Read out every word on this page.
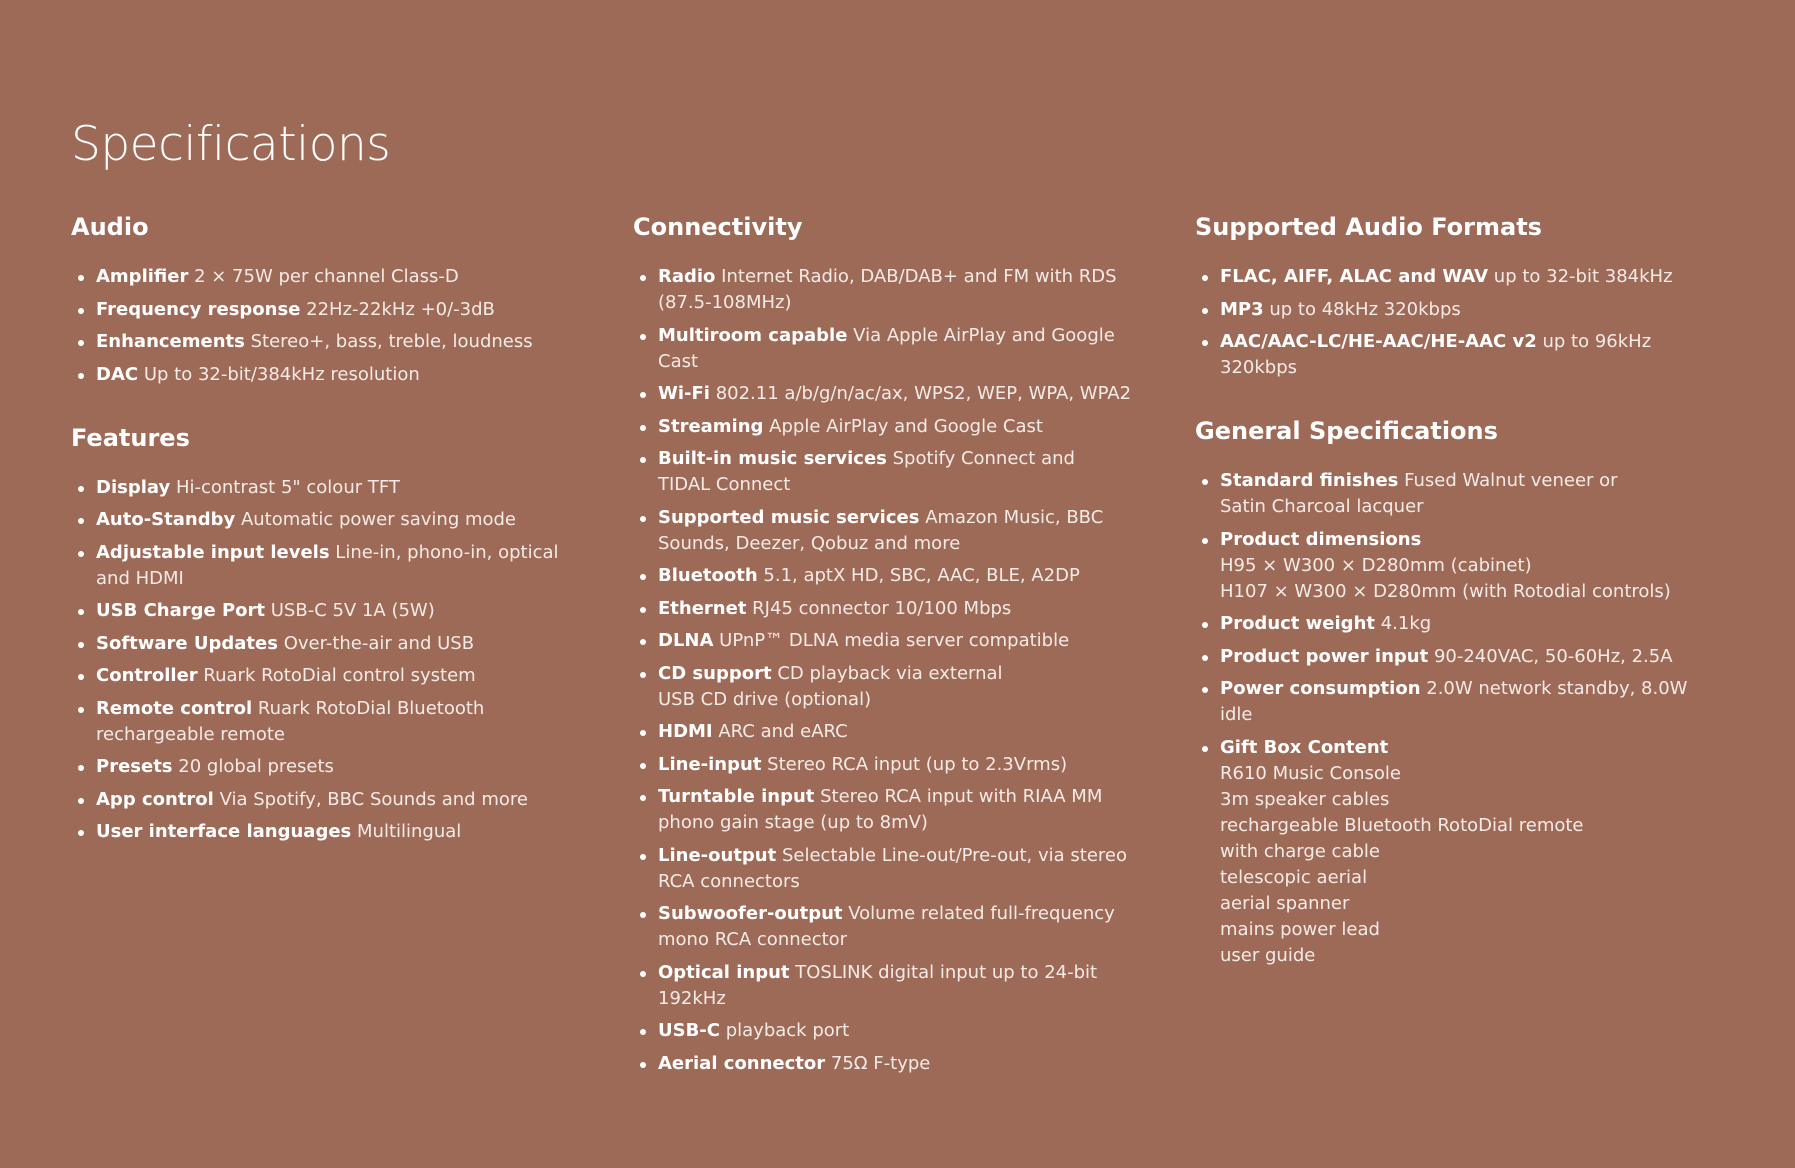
Specifications
Audio
Amplifier 2 × 75W per channel Class-D
Frequency response 22Hz-22kHz +0/-3dB
Enhancements Stereo+, bass, treble, loudness
DAC Up to 32-bit/384kHz resolution
Features
Display Hi-contrast 5" colour TFT
Auto-Standby Automatic power saving mode
Adjustable input levels Line-in, phono-in, optical and HDMI
USB Charge Port USB-C 5V 1A (5W)
Software Updates Over-the-air and USB
Controller Ruark RotoDial control system
Remote control Ruark RotoDial Bluetooth rechargeable remote
Presets 20 global presets
App control Via Spotify, BBC Sounds and more
User interface languages Multilingual
Connectivity
Radio Internet Radio, DAB/DAB+ and FM with RDS (87.5-108MHz)
Multiroom capable Via Apple AirPlay and Google Cast
Wi-Fi 802.11 a/b/g/n/ac/ax, WPS2, WEP, WPA, WPA2
Streaming Apple AirPlay and Google Cast
Built-in music services Spotify Connect and
TIDAL Connect
Supported music services Amazon Music, BBC Sounds, Deezer, Qobuz and more
Bluetooth 5.1, aptX HD, SBC, AAC, BLE, A2DP
Ethernet RJ45 connector 10/100 Mbps
DLNA UPnP™ DLNA media server compatible
CD support CD playback via external
USB CD drive (optional)
HDMI ARC and eARC
Line-input Stereo RCA input (up to 2.3Vrms)
Turntable input Stereo RCA input with RIAA MM phono gain stage (up to 8mV)
Line-output Selectable Line-out/Pre-out, via stereo RCA connectors
Subwoofer-output Volume related full-frequency mono RCA connector
Optical input TOSLINK digital input up to 24-bit 192kHz
USB-C playback port
Aerial connector 75Ω F-type
Supported Audio Formats
FLAC, AIFF, ALAC and WAV up to 32-bit 384kHz
MP3 up to 48kHz 320kbps
AAC/AAC-LC/HE-AAC/HE-AAC v2 up to 96kHz 320kbps
General Specifications
Standard finishes Fused Walnut veneer or
Satin Charcoal lacquer
Product dimensions
H95 × W300 × D280mm (cabinet)
H107 × W300 × D280mm (with Rotodial controls)
Product weight 4.1kg
Product power input 90-240VAC, 50-60Hz, 2.5A
Power consumption 2.0W network standby, 8.0W idle
Gift Box Content
R610 Music Console
3m speaker cables
rechargeable Bluetooth RotoDial remote
with charge cable
telescopic aerial
aerial spanner
mains power lead
user guide
